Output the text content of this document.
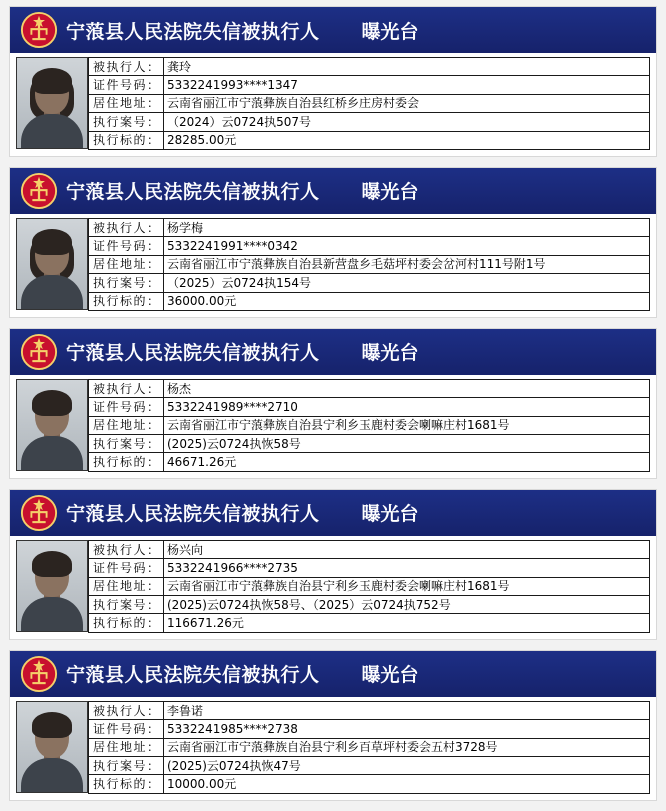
宁蒗县人民法院失信被执行人 曝光台
被执行人：	龚玲
证件号码：	5332241993****1347
居住地址：	云南省丽江市宁蒗彝族自治县红桥乡庄房村委会
执行案号：	（2024）云0724执507号
执行标的：	28285.00元
宁蒗县人民法院失信被执行人 曝光台
被执行人：	杨学梅
证件号码：	5332241991****0342
居住地址：	云南省丽江市宁蒗彝族自治县新营盘乡毛菇坪村委会岔河村111号附1号
执行案号：	（2025）云0724执154号
执行标的：	36000.00元
宁蒗县人民法院失信被执行人 曝光台
被执行人：	杨杰
证件号码：	5332241989****2710
居住地址：	云南省丽江市宁蒗彝族自治县宁利乡玉鹿村委会喇嘛庄村1681号
执行案号：	(2025)云0724执恢58号
执行标的：	46671.26元
宁蒗县人民法院失信被执行人 曝光台
被执行人：	杨兴向
证件号码：	5332241966****2735
居住地址：	云南省丽江市宁蒗彝族自治县宁利乡玉鹿村委会喇嘛庄村1681号
执行案号：	(2025)云0724执恢58号、（2025）云0724执752号
执行标的：	116671.26元
宁蒗县人民法院失信被执行人 曝光台
被执行人：	李鲁诺
证件号码：	5332241985****2738
居住地址：	云南省丽江市宁蒗彝族自治县宁利乡百草坪村委会五村3728号
执行案号：	(2025)云0724执恢47号
执行标的：	10000.00元
